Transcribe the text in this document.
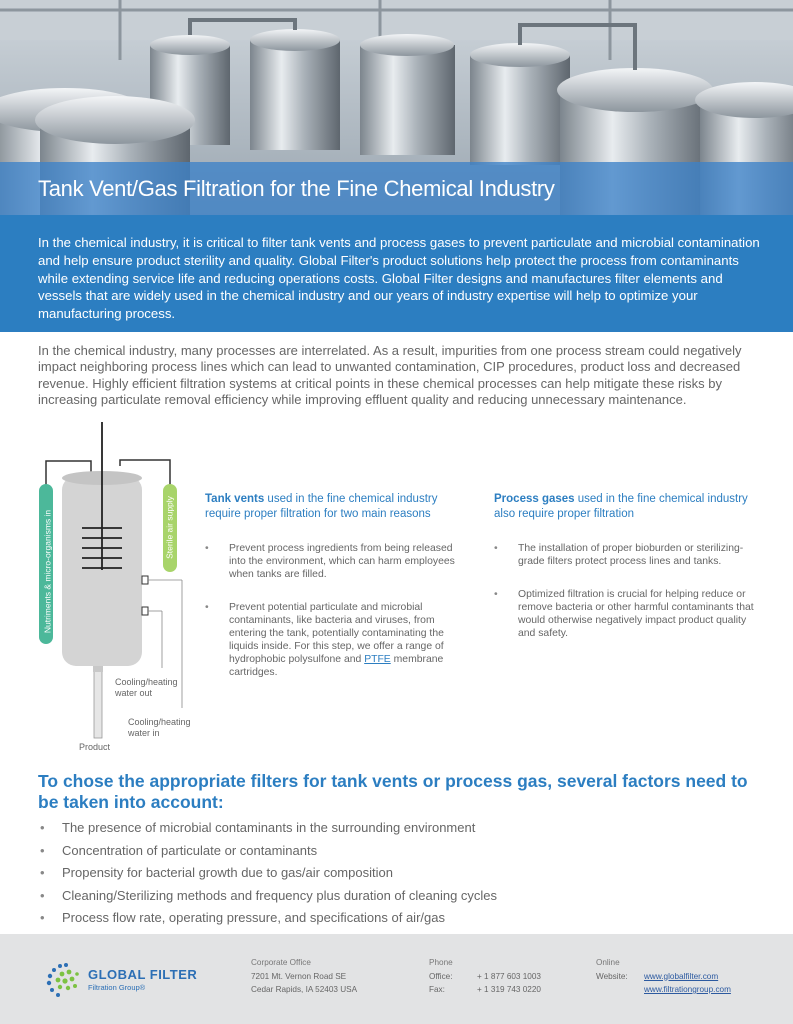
Tank Vent/Gas Filtration for the Fine Chemical Industry

In the chemical industry, it is critical to filter tank vents and process gases to prevent particulate and microbial contamination and help ensure product sterility and quality. Global Filter's product solutions help protect the process from contaminants while extending service life and reducing operations costs. Global Filter designs and manufactures filter elements and vessels that are widely used in the chemical industry and our years of industry expertise will help to optimize your manufacturing process.

In the chemical industry, many processes are interrelated. As a result, impurities from one process stream could negatively impact neighboring process lines which can lead to unwanted contamination, CIP procedures, product loss and decreased revenue. Highly efficient filtration systems at critical points in these chemical processes can help mitigate these risks by increasing particulate removal efficiency while improving effluent quality and reducing unnecessary maintenance.

Nutriments & micro-organisms in	Sterile air supply
Cooling/heating water out
Cooling/heating water in
Product
Tank vents used in the fine chemical industry require proper filtration for two main reasons
• Prevent process ingredients from being released into the environment, which can harm employees when tanks are filled.
• Prevent potential particulate and microbial contaminants, like bacteria and viruses, from entering the tank, potentially contaminating the liquids inside. For this step, we offer a range of hydrophobic polysulfone and PTFE membrane cartridges.
Process gases used in the fine chemical industry also require proper filtration
• The installation of proper bioburden or sterilizing-grade filters protect process lines and tanks.
• Optimized filtration is crucial for helping reduce or remove bacteria or other harmful contaminants that would otherwise negatively impact product quality and safety.
To chose the appropriate filters for tank vents or process gas, several factors need to be taken into account:
• The presence of microbial contaminants in the surrounding environment
• Concentration of particulate or contaminants
• Propensity for bacterial growth due to gas/air composition
• Cleaning/Sterilizing methods and frequency plus duration of cleaning cycles
• Process flow rate, operating pressure, and specifications of air/gas
GLOBAL FILTER
Filtration Group®
Corporate Office
7201 Mt. Vernon Road SE
Cedar Rapids, IA 52403 USA
Phone
Office:	+ 1 877 603 1003
Fax:	+ 1 319 743 0220
Online
Website: www.globalfilter.com
www.filtrationgroup.com
